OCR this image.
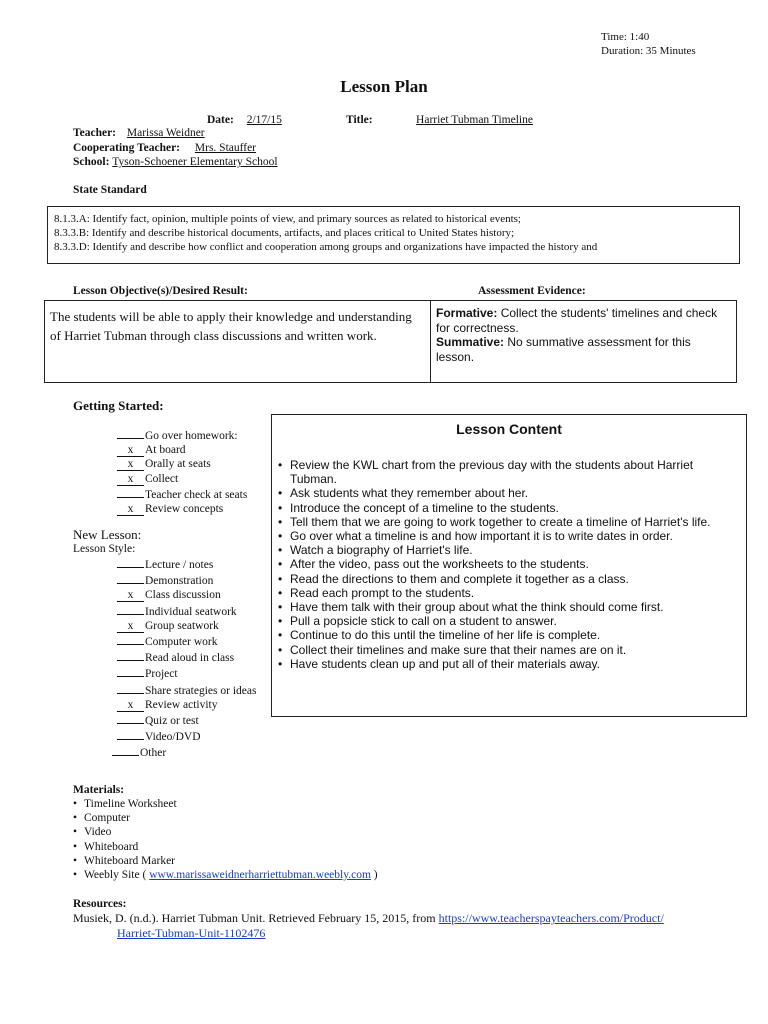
Time: 1:40
Duration: 35 Minutes
Lesson Plan
Date: 2/17/15	Title:	Harriet Tubman Timeline
Teacher: Marissa Weidner
Cooperating Teacher: Mrs. Stauffer
School: Tyson-Schoener Elementary School
State Standard
8.1.3.A: Identify fact, opinion, multiple points of view, and primary sources as related to historical events;
8.3.3.B: Identify and describe historical documents, artifacts, and places critical to United States history;
8.3.3.D: Identify and describe how conflict and cooperation among groups and organizations have impacted the history and
Lesson Objective(s)/Desired Result:	Assessment Evidence:
The students will be able to apply their knowledge and understanding of Harriet Tubman through class discussions and written work.
Formative: Collect the students' timelines and check for correctness.
Summative: No summative assessment for this lesson.
Getting Started:
Go over homework:
x At board
x Orally at seats
x Collect
Teacher check at seats
x Review concepts
New Lesson:
Lesson Style:
Lecture / notes
Demonstration
x Class discussion
Individual seatwork
x Group seatwork
Computer work
Read aloud in class
Project
Share strategies or ideas
x Review activity
Quiz or test
Video/DVD
Other
Lesson Content
• Review the KWL chart from the previous day with the students about Harriet Tubman.
• Ask students what they remember about her.
• Introduce the concept of a timeline to the students.
• Tell them that we are going to work together to create a timeline of Harriet's life.
• Go over what a timeline is and how important it is to write dates in order.
• Watch a biography of Harriet's life.
• After the video, pass out the worksheets to the students.
• Read the directions to them and complete it together as a class.
• Read each prompt to the students.
• Have them talk with their group about what the think should come first.
• Pull a popsicle stick to call on a student to answer.
• Continue to do this until the timeline of her life is complete.
• Collect their timelines and make sure that their names are on it.
• Have students clean up and put all of their materials away.
Materials:
• Timeline Worksheet
• Computer
• Video
• Whiteboard
• Whiteboard Marker
• Weebly Site ( www.marissaweidnerharriettubman.weebly.com )
Resources:
Musiek, D. (n.d.). Harriet Tubman Unit. Retrieved February 15, 2015, from https://www.teacherspayteachers.com/Product/
Harriet-Tubman-Unit-1102476
